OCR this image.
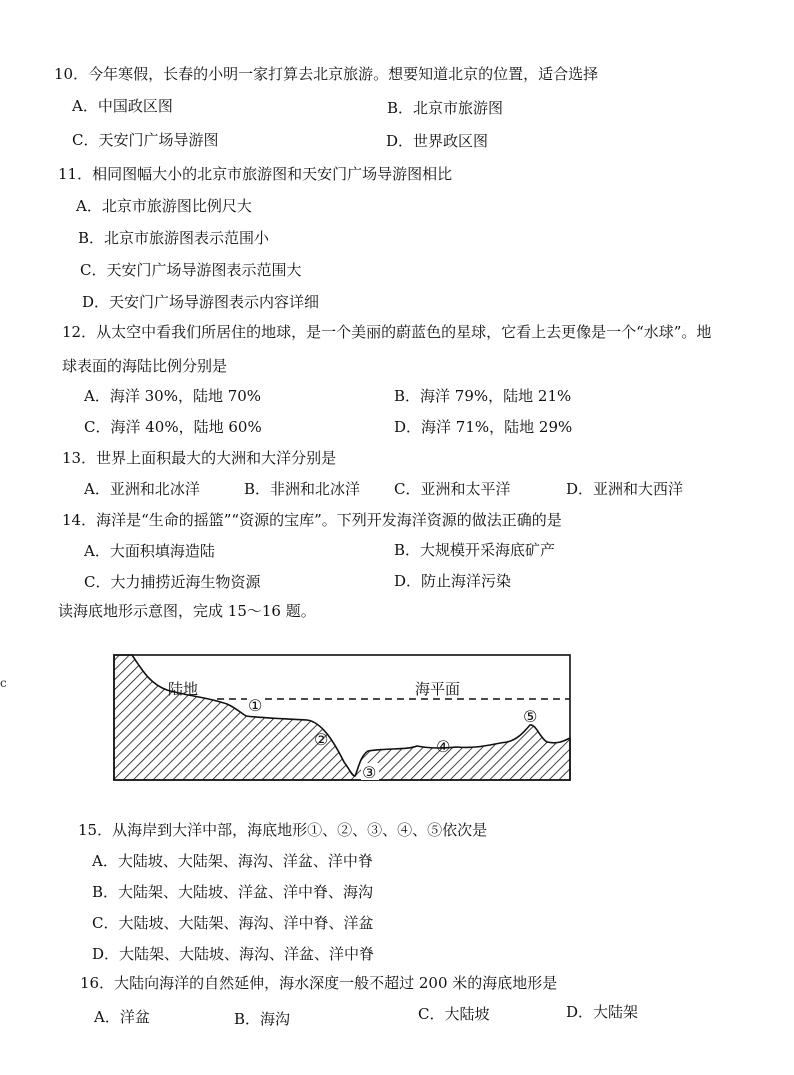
10．今年寒假，长春的小明一家打算去北京旅游。想要知道北京的位置，适合选择
A．中国政区图	B．北京市旅游图
C．天安门广场导游图	D．世界政区图
11．相同图幅大小的北京市旅游图和天安门广场导游图相比
A．北京市旅游图比例尺大
B．北京市旅游图表示范围小
C．天安门广场导游图表示范围大
D．天安门广场导游图表示内容详细
12．从太空中看我们所居住的地球，是一个美丽的蔚蓝色的星球，它看上去更像是一个“水球”。地
球表面的海陆比例分别是
A．海洋 30%，陆地 70%	B．海洋 79%，陆地 21%
C．海洋 40%，陆地 60%	D．海洋 71%，陆地 29%
13．世界上面积最大的大洲和大洋分别是
A．亚洲和北冰洋	B．非洲和北冰洋 C．亚洲和太平洋	D．亚洲和大西洋
14．海洋是“生命的摇篮”“资源的宝库”。下列开发海洋资源的做法正确的是
A．大面积填海造陆	B．大规模开采海底矿产
C．大力捕捞近海生物资源	D．防止海洋污染
读海底地形示意图，完成 15～16 题。
c	陆地	海平面
①
②
③
④
⑤
15．从海岸到大洋中部，海底地形①、②、③、④、⑤依次是
A．大陆坡、大陆架、海沟、洋盆、洋中脊
B．大陆架、大陆坡、洋盆、洋中脊、海沟
C．大陆坡、大陆架、海沟、洋中脊、洋盆
D．大陆架、大陆坡、海沟、洋盆、洋中脊
16．大陆向海洋的自然延伸，海水深度一般不超过 200 米的海底地形是
A．洋盆	B．海沟	C．大陆坡	D．大陆架
